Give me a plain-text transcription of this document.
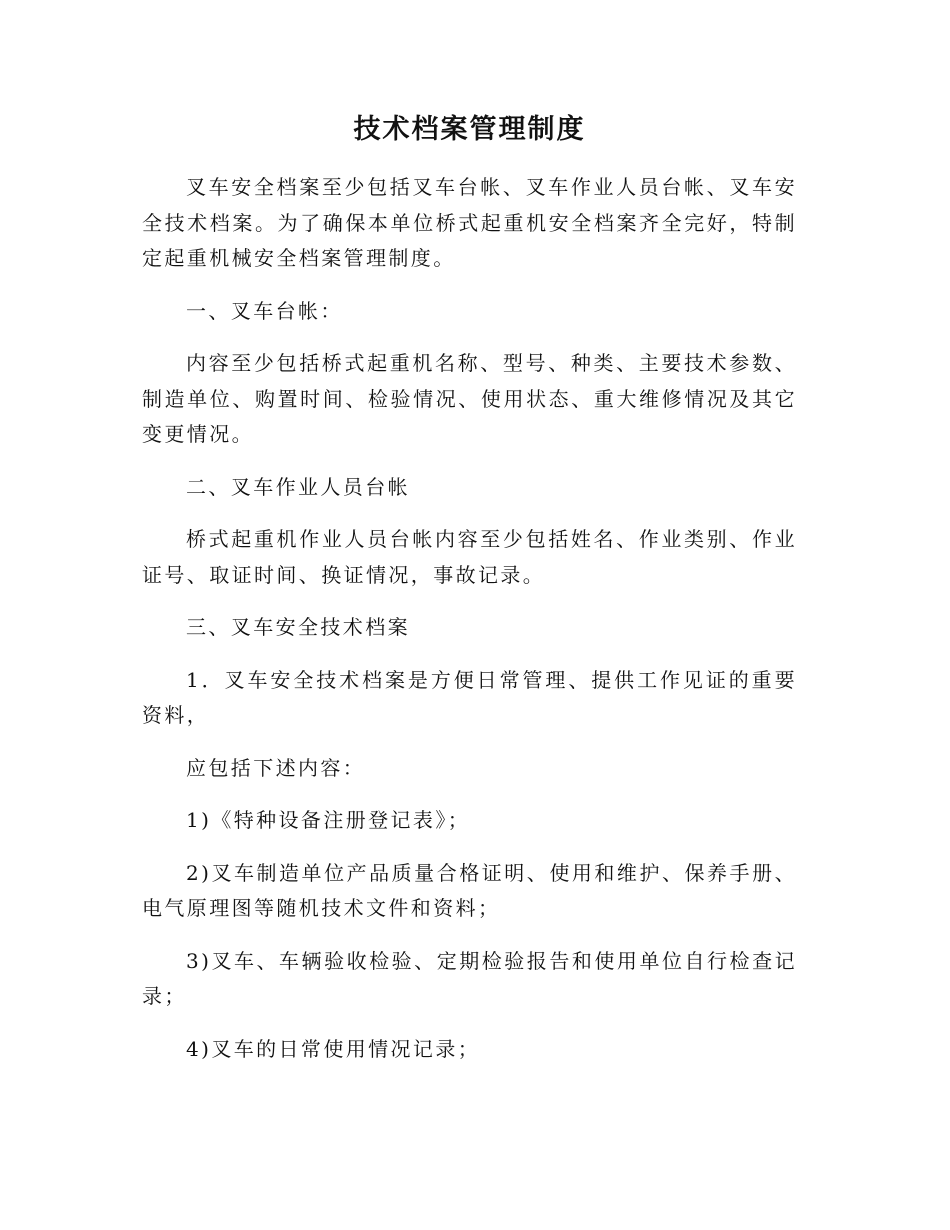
技术档案管理制度

叉车安全档案至少包括叉车台帐、叉车作业人员台帐、叉车安全技术档案。为了确保本单位桥式起重机安全档案齐全完好，特制定起重机械安全档案管理制度。

一、叉车台帐：

内容至少包括桥式起重机名称、型号、种类、主要技术参数、制造单位、购置时间、检验情况、使用状态、重大维修情况及其它变更情况。

二、叉车作业人员台帐

桥式起重机作业人员台帐内容至少包括姓名、作业类别、作业证号、取证时间、换证情况，事故记录。

三、叉车安全技术档案

1．叉车安全技术档案是方便日常管理、提供工作见证的重要资料，

应包括下述内容：

1)《特种设备注册登记表》；

2)叉车制造单位产品质量合格证明、使用和维护、保养手册、电气原理图等随机技术文件和资料；

3)叉车、车辆验收检验、定期检验报告和使用单位自行检查记录；

4)叉车的日常使用情况记录；
